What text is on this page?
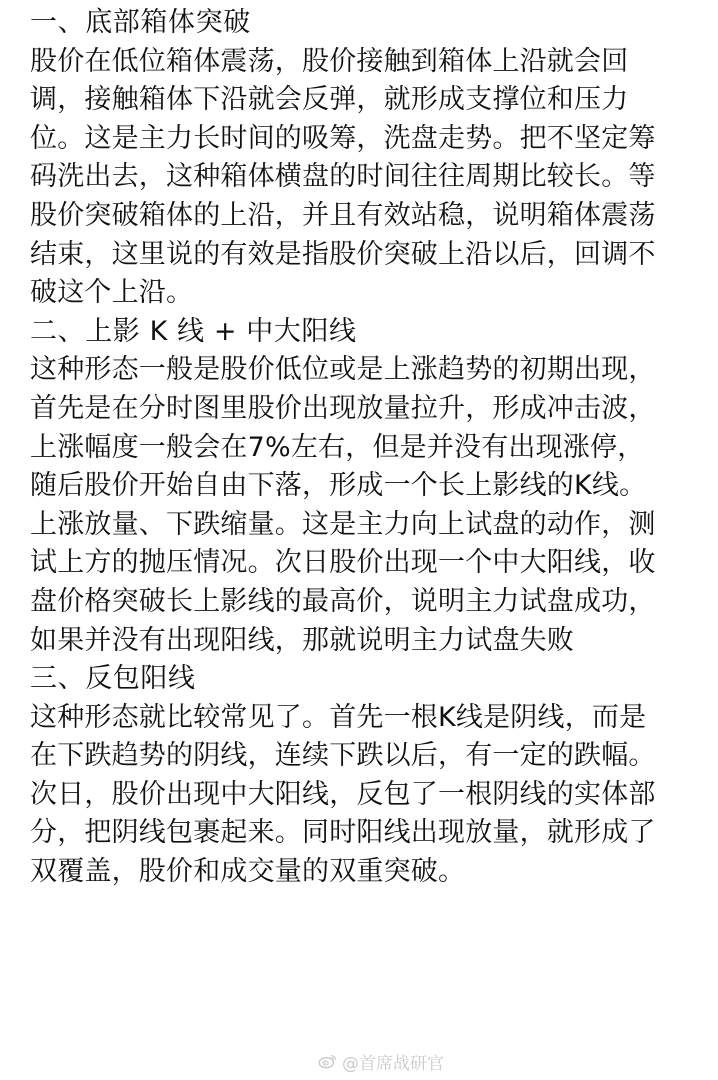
一、底部箱体突破
股价在低位箱体震荡，股价接触到箱体上沿就会回
调，接触箱体下沿就会反弹，就形成支撑位和压力
位。这是主力长时间的吸筹，洗盘走势。把不坚定筹
码洗出去，这种箱体横盘的时间往往周期比较长。等
股价突破箱体的上沿，并且有效站稳，说明箱体震荡
结束，这里说的有效是指股价突破上沿以后，回调不
破这个上沿。
二、上影 K 线 + 中大阳线
这种形态一般是股价低位或是上涨趋势的初期出现，
首先是在分时图里股价出现放量拉升，形成冲击波，
上涨幅度一般会在7%左右，但是并没有出现涨停，
随后股价开始自由下落，形成一个长上影线的K线。
上涨放量、下跌缩量。这是主力向上试盘的动作，测
试上方的抛压情况。次日股价出现一个中大阳线，收
盘价格突破长上影线的最高价，说明主力试盘成功，
如果并没有出现阳线，那就说明主力试盘失败
三、反包阳线
这种形态就比较常见了。首先一根K线是阴线，而是
在下跌趋势的阴线，连续下跌以后，有一定的跌幅。
次日，股价出现中大阳线，反包了一根阴线的实体部
分，把阴线包裹起来。同时阳线出现放量，就形成了
双覆盖，股价和成交量的双重突破。
@首席战研官
